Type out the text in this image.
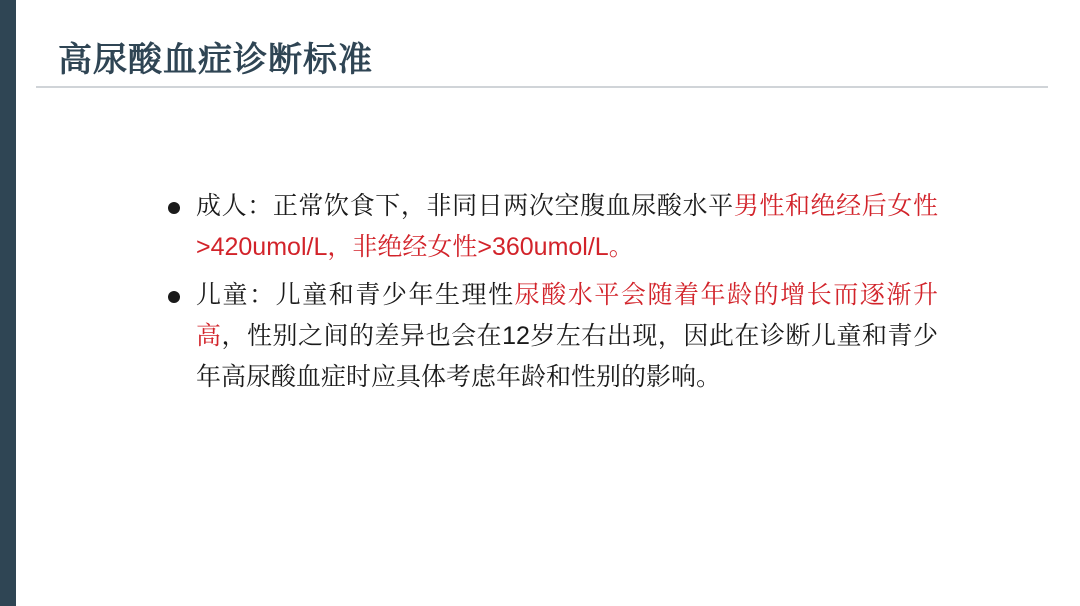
高尿酸血症诊断标准
成人：正常饮食下，非同日两次空腹血尿酸水平男性和绝经后女性>420umol/L，非绝经女性>360umol/L。
儿童：儿童和青少年生理性尿酸水平会随着年龄的增长而逐渐升高，性别之间的差异也会在12岁左右出现，因此在诊断儿童和青少年高尿酸血症时应具体考虑年龄和性别的影响。
